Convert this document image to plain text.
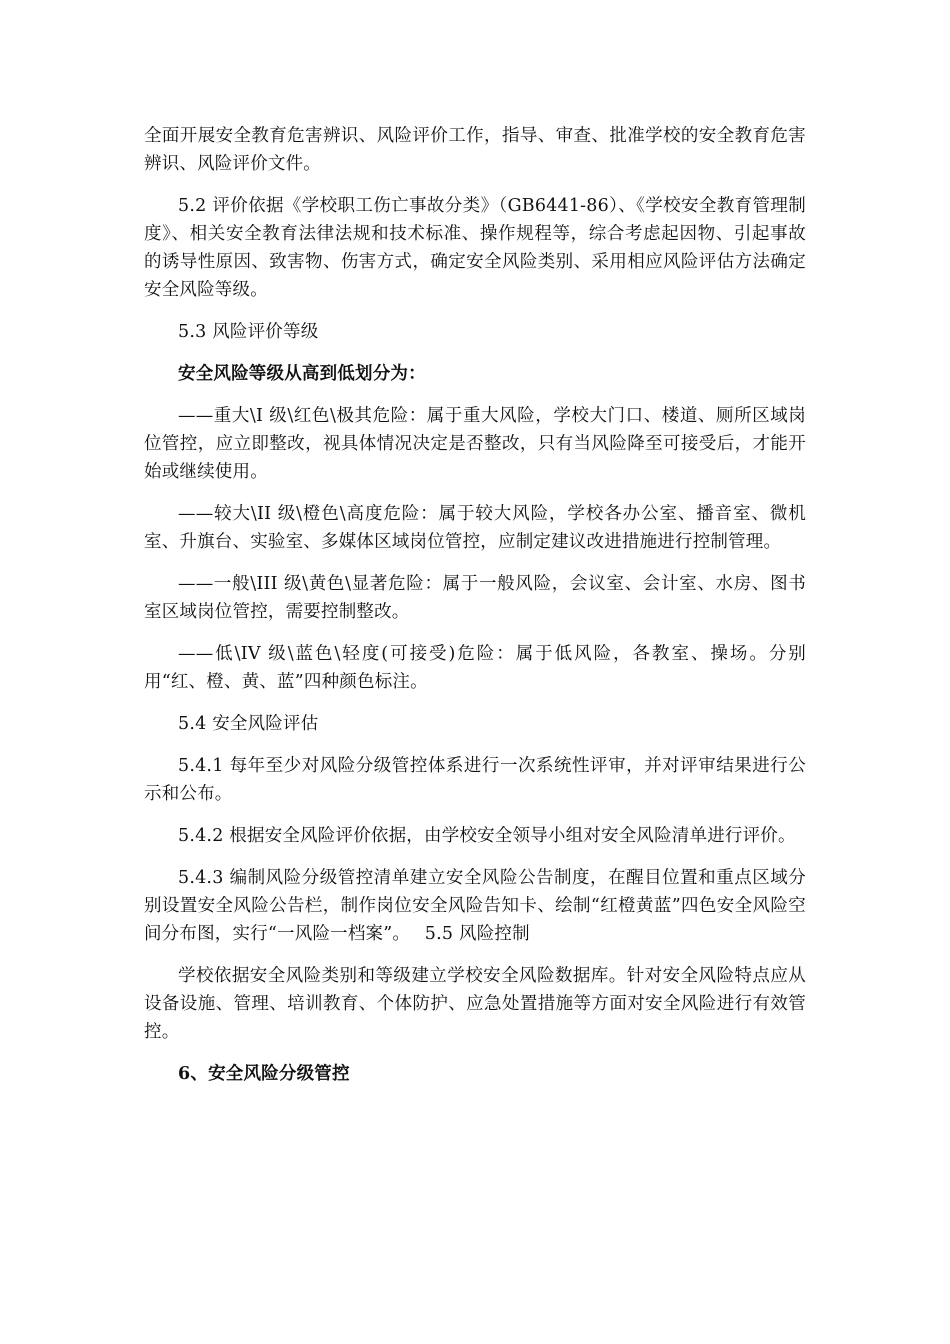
全面开展安全教育危害辨识、风险评价工作，指导、审查、批准学校的安全教育危害辨识、风险评价文件。

5.2 评价依据《学校职工伤亡事故分类》（GB6441-86）、《学校安全教育管理制度》、相关安全教育法律法规和技术标准、操作规程等，综合考虑起因物、引起事故的诱导性原因、致害物、伤害方式，确定安全风险类别、采用相应风险评估方法确定安全风险等级。

5.3 风险评价等级

安全风险等级从高到低划分为：

——重大\I 级\红色\极其危险：属于重大风险，学校大门口、楼道、厕所区域岗位管控，应立即整改，视具体情况决定是否整改，只有当风险降至可接受后，才能开始或继续使用。

——较大\II 级\橙色\高度危险：属于较大风险，学校各办公室、播音室、微机室、升旗台、实验室、多媒体区域岗位管控，应制定建议改进措施进行控制管理。

——一般\III 级\黄色\显著危险：属于一般风险，会议室、会计室、水房、图书室区域岗位管控，需要控制整改。

——低\IV 级\蓝色\轻度(可接受)危险：属于低风险，各教室、操场。分别用“红、橙、黄、蓝”四种颜色标注。

5.4 安全风险评估

5.4.1 每年至少对风险分级管控体系进行一次系统性评审，并对评审结果进行公示和公布。

5.4.2 根据安全风险评价依据，由学校安全领导小组对安全风险清单进行评价。

5.4.3 编制风险分级管控清单建立安全风险公告制度，在醒目位置和重点区域分别设置安全风险公告栏，制作岗位安全风险告知卡、绘制“红橙黄蓝”四色安全风险空间分布图，实行“一风险一档案”。　 5.5 风险控制

学校依据安全风险类别和等级建立学校安全风险数据库。针对安全风险特点应从设备设施、管理、培训教育、个体防护、应急处置措施等方面对安全风险进行有效管控。

6、安全风险分级管控
